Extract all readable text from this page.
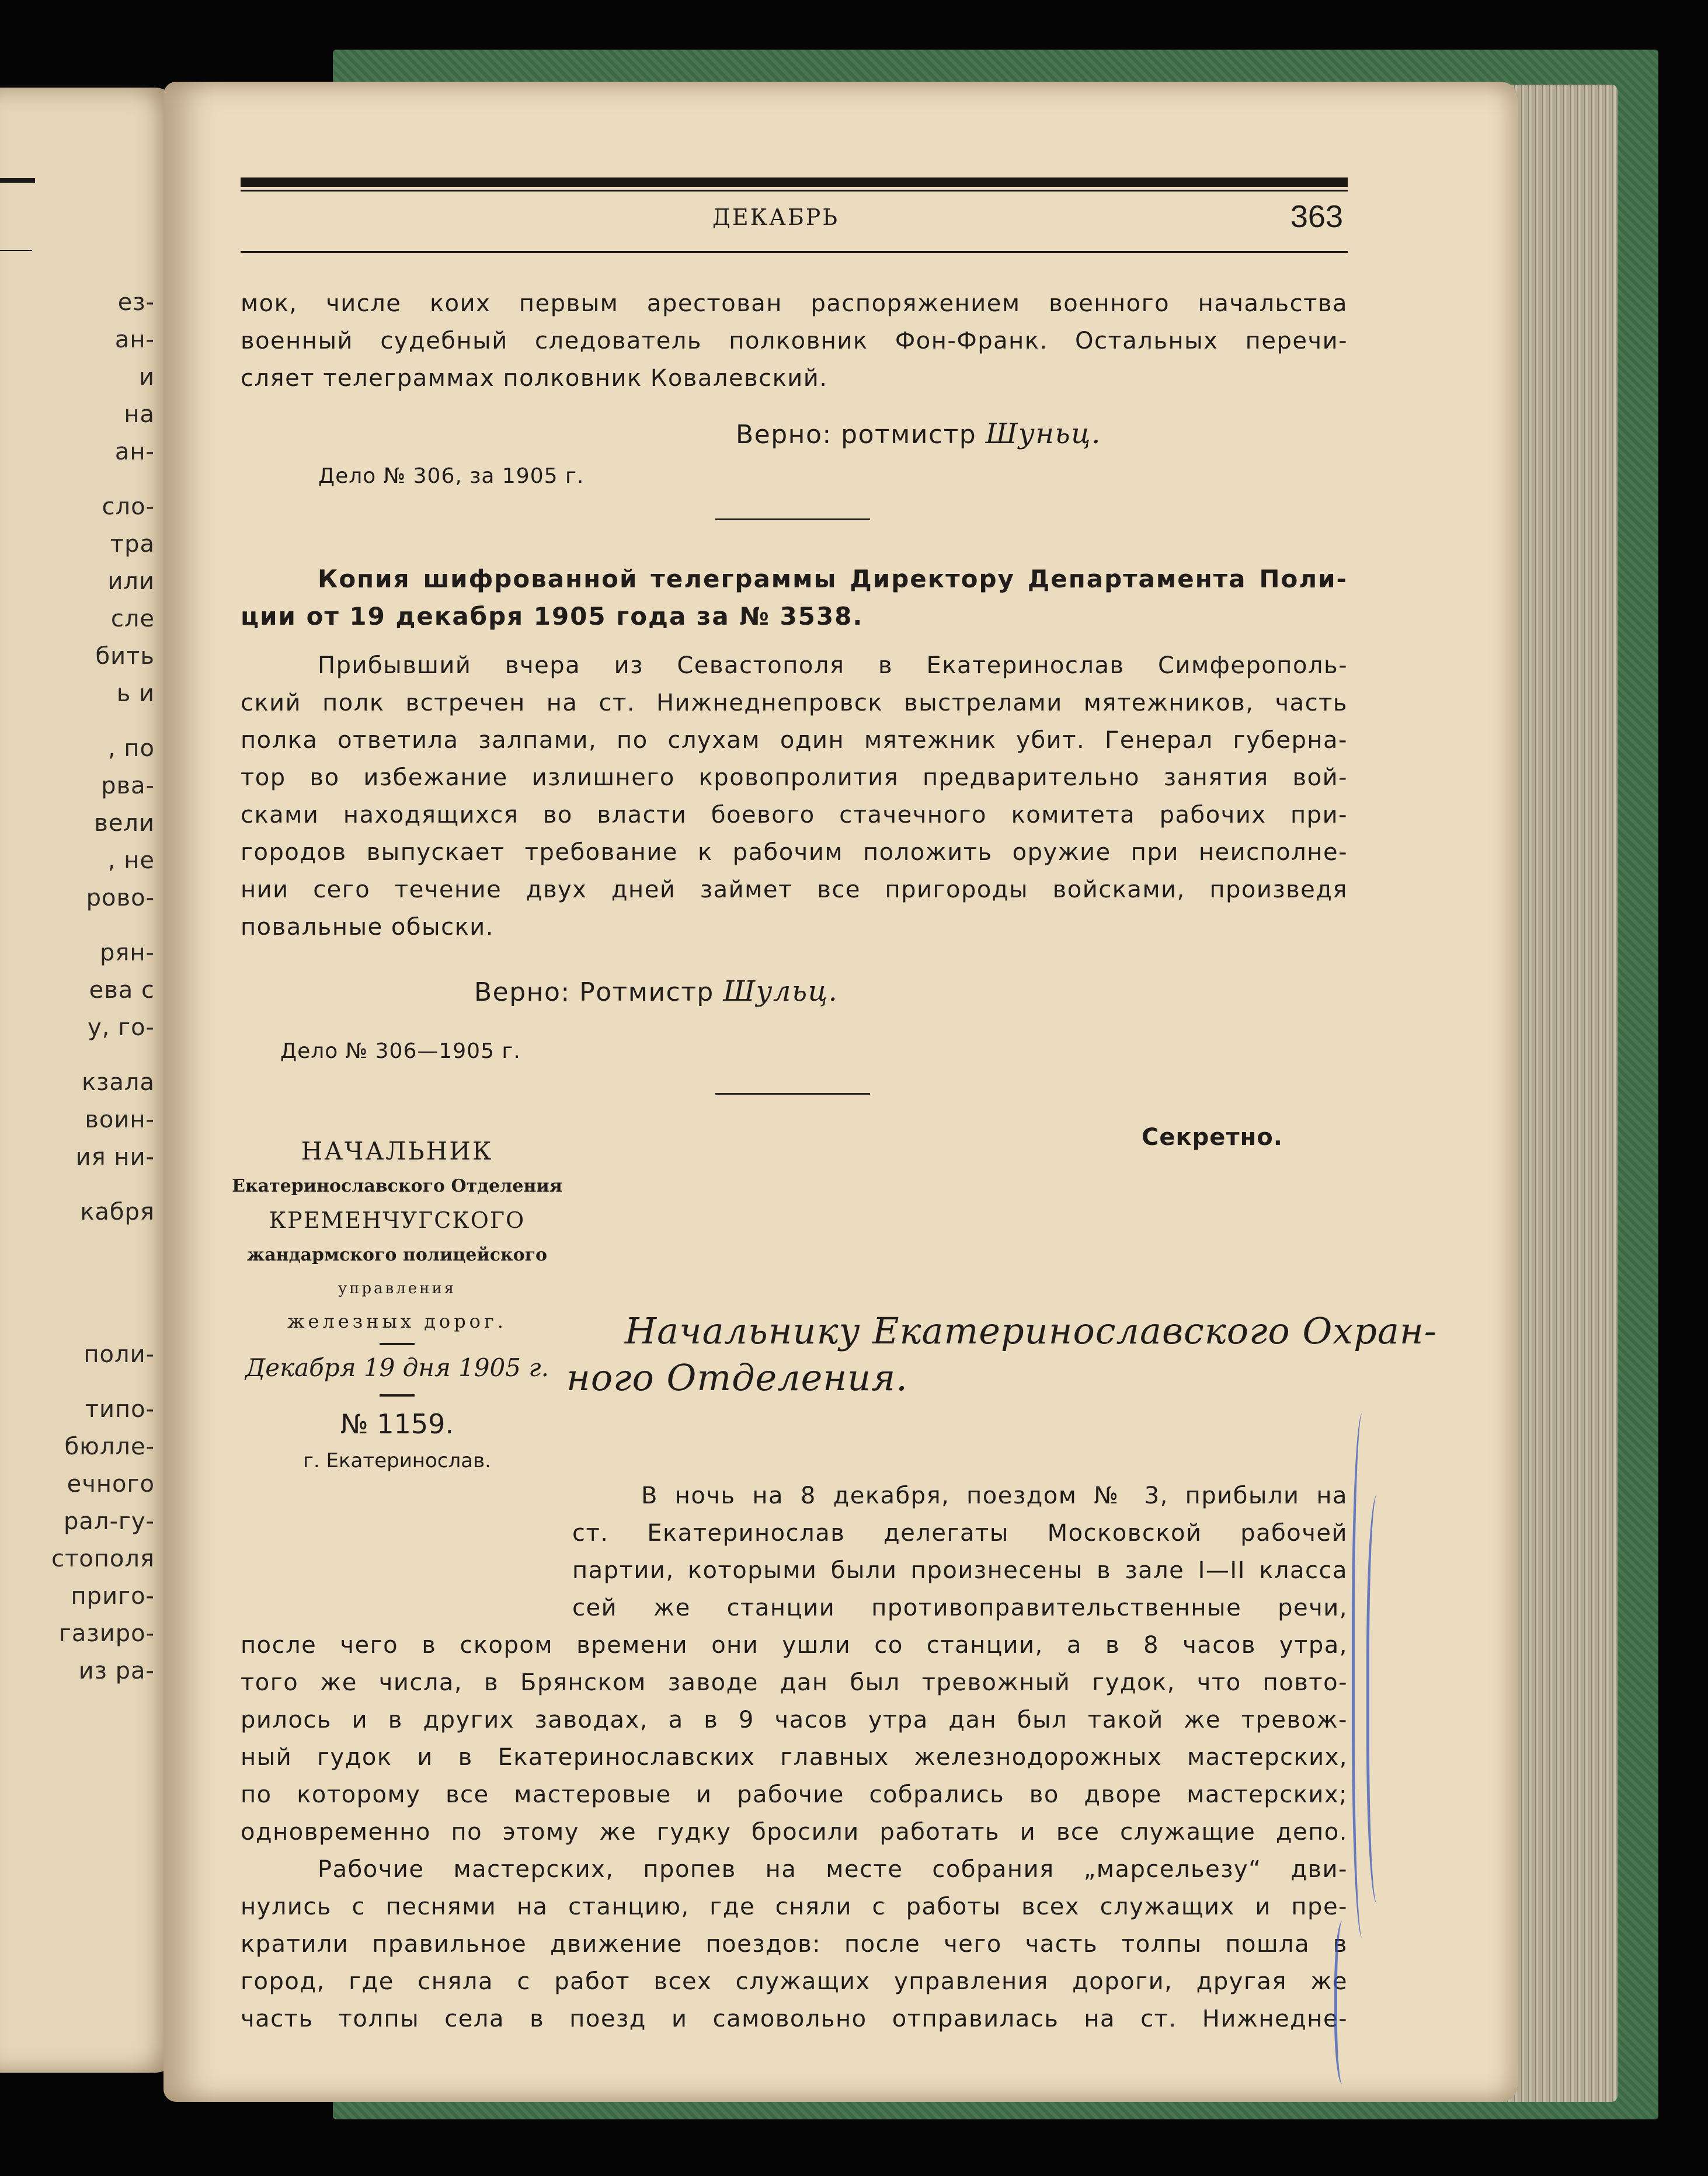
ез-
ан-
и
на
ан-
сло-
тра
или
сле
бить
ь и
, по
рва-
вели
, не
рово-
рян-
ева с
у, го-
кзала
воин-
ия ни-
кабря
поли-
типо-
бюлле-
ечного
рал-гу-
стополя
приго-
газиро-
из ра-
ДЕКАБРЬ	363
мок, числе коих первым арестован распоряжением военного начальства
военный судебный следователь полковник Фон-Франк. Остальных перечи-
сляет телеграммах полковник Ковалевский.
Верно: ротмистр Шуньц.
Дело № 306, за 1905 г.
Копия шифрованной телеграммы Директору Департамента Поли-
ции от 19 декабря 1905 года за № 3538.
Прибывший вчера из Севастополя в Екатеринослав Симферополь-
ский полк встречен на ст. Нижнеднепровск выстрелами мятежников, часть
полка ответила залпами, по слухам один мятежник убит. Генерал губерна-
тор во избежание излишнего кровопролития предварительно занятия вой-
сками находящихся во власти боевого стачечного комитета рабочих при-
городов выпускает требование к рабочим положить оружие при неисполне-
нии сего течение двух дней займет все пригороды войсками, произведя
повальные обыски.
Верно: Ротмистр Шульц.
Дело № 306—1905 г.
Секретно.
НАЧАЛЬНИК
Екатеринославского Отделения
КРЕМЕНЧУГСКОГО
жандармского полицейского
управления
железных дорог.
Декабря 19 дня 1905 г.
№ 1159.
г. Екатеринослав.
Начальнику Екатеринославского Охран-
ного Отделения.
В ночь на 8 декабря, поездом № 3, прибыли на
ст. Екатеринослав делегаты Московской рабочей
партии, которыми были произнесены в зале I—II класса
сей же станции противоправительственные речи,
после чего в скором времени они ушли со станции, а в 8 часов утра,
того же числа, в Брянском заводе дан был тревожный гудок, что повто-
рилось и в других заводах, а в 9 часов утра дан был такой же тревож-
ный гудок и в Екатеринославских главных железнодорожных мастерских,
по которому все мастеровые и рабочие собрались во дворе мастерских;
одновременно по этому же гудку бросили работать и все служащие депо.
Рабочие мастерских, пропев на месте собрания „марсельезу“ дви-
нулись с песнями на станцию, где сняли с работы всех служащих и пре-
кратили правильное движение поездов: после чего часть толпы пошла в
город, где сняла с работ всех служащих управления дороги, другая же
часть толпы села в поезд и самовольно отправилась на ст. Нижнедне-
